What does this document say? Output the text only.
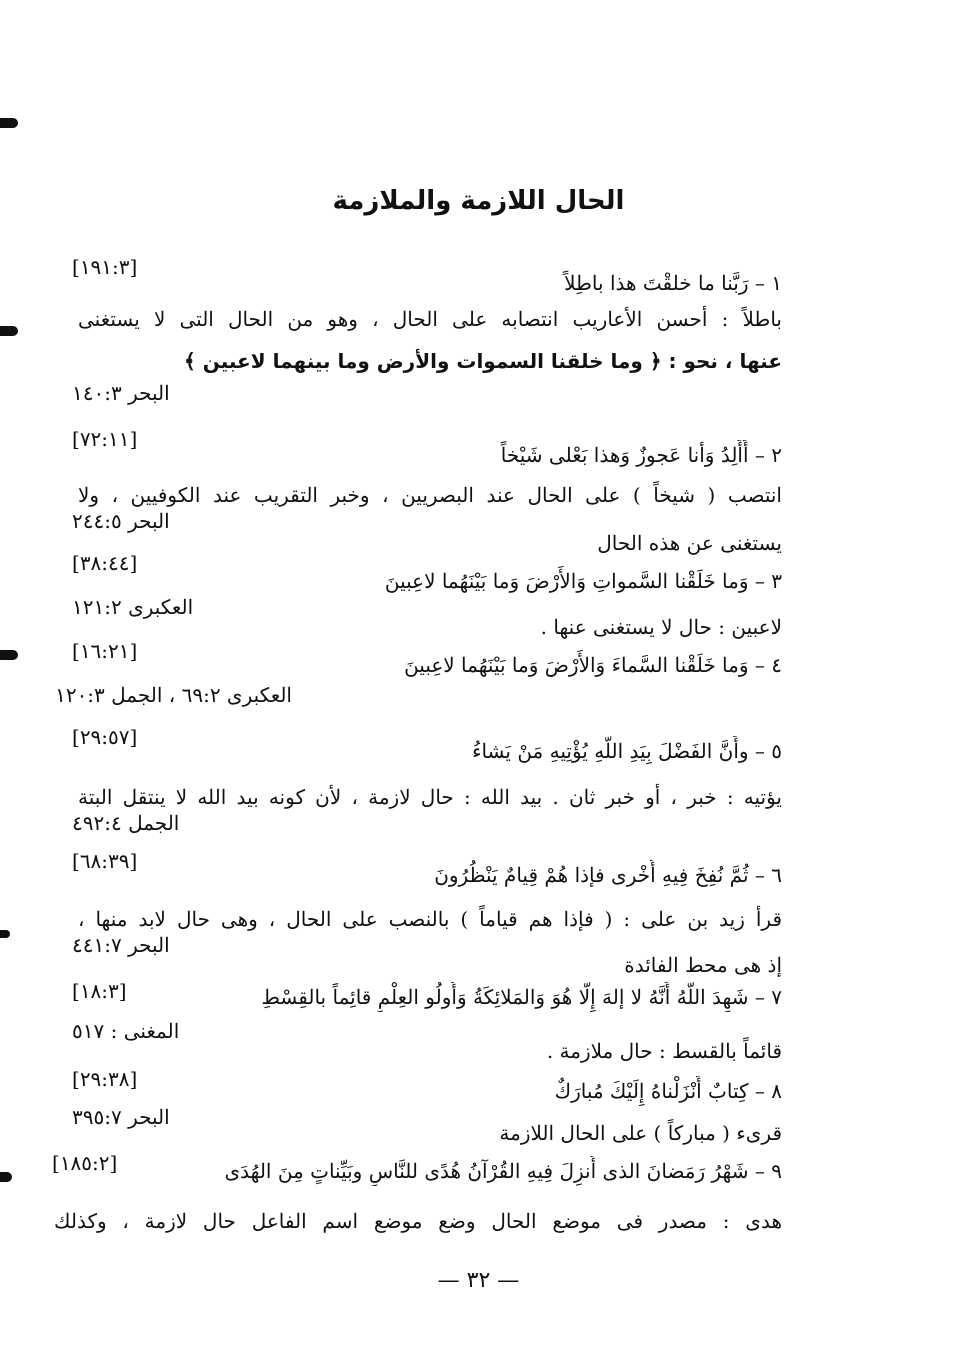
الحال اللازمة والملازمة
[١٩١:٣]
١ – رَبَّنا ما خلقْتَ هذا باطِلاً
باطلاً : أحسن الأعاريب انتصابه على الحال ، وهو من الحال التى لا يستغنى
عنها ، نحو : ﴿ وما خلقنا السموات والأرض وما بينهما لاعبين ﴾
البحر ١٤٠:٣
[٧٢:١١]
٢ – أَأَلِدُ وَأنا عَجوزٌ وَهذا بَعْلى شَيْخاً
انتصب ( شيخاً ) على الحال عند البصريين ، وخبر التقريب عند الكوفيين ، ولا
البحر ٢٤٤:٥
يستغنى عن هذه الحال
[٣٨:٤٤]
٣ – وَما خَلَقْنا السَّمواتِ وَالأَرْضَ وَما بَيْنَهُما لاعِبينَ
العكبرى ١٢١:٢
لاعبين : حال لا يستغنى عنها .
[١٦:٢١]
٤ – وَما خَلَقْنا السَّماءَ وَالأَرْضَ وَما بَيْنَهُما لاعِبينَ
العكبرى ٦٩:٢ ، الجمل ١٢٠:٣
[٢٩:٥٧]
٥ – وأَنَّ الفَضْلَ بِيَدِ اللّهِ يُؤْتِيهِ مَنْ يَشاءُ
يؤتيه : خبر ، أو خبر ثان . بيد الله : حال لازمة ، لأن كونه بيد الله لا ينتقل البتة
الجمل ٤٩٢:٤
[٦٨:٣٩]
٦ – ثُمَّ نُفِخَ فِيهِ أُخْرى فإذا هُمْ قِيامٌ يَنْظُرُونَ
قرأ زيد بن على : ( فإذا هم قياماً ) بالنصب على الحال ، وهى حال لابد منها ،
البحر ٤٤١:٧
إذ هى محط الفائدة
[١٨:٣]	٧ – شَهِدَ اللّهُ أَنَّهُ لا إلهَ إِلّا هُوَ وَالمَلائِكَةُ وَأُولُو العِلْمِ قائِماً بالقِسْطِ
المغنى : ٥١٧
قائماً بالقسط : حال ملازمة .
[٢٩:٣٨]	٨ – كِتابٌ أَنْزَلْناهُ إِلَيْكَ مُبارَكٌ
البحر ٣٩٥:٧
قرىء ( مباركاً ) على الحال اللازمة
[١٨٥:٢]	٩ – شَهْرُ رَمَضانَ الذى أُنزِلَ فِيهِ القُرْآنُ هُدًى للنَّاسِ وبَيِّناتٍ مِنَ الهُدَى
هدى : مصدر فى موضع الحال وضع موضع اسم الفاعل حال لازمة ، وكذلك
— ٣٢ —
